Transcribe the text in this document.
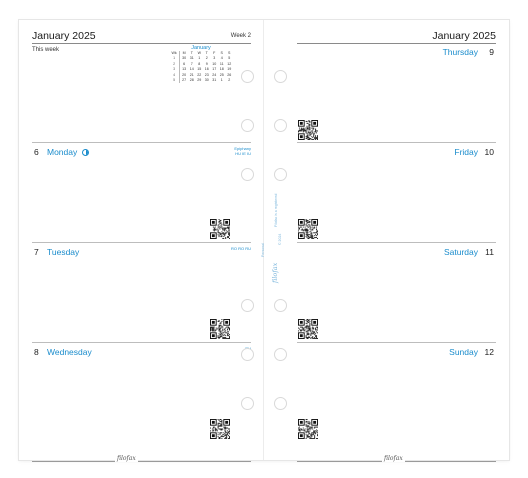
January 2025	Week 2
This week	January
Wk	M	T	W	T	F	S	S
1	30	31	1	2	3	4	5
2	6	7	8	9	10	11	12
3	13	14	15	16	17	18	19
4	20	21	22	23	24	25	26
5	27	28	29	30	31	1	2
6 Monday	Epiphany
HU IE IU
7 Tuesday	RO RO RU
8 Wednesday
filofax
January 2025
Thursday 9
Friday 10
Saturday 11
Sunday 12
filofax
filofax
Personal
© 2024
Filofax is a registered
